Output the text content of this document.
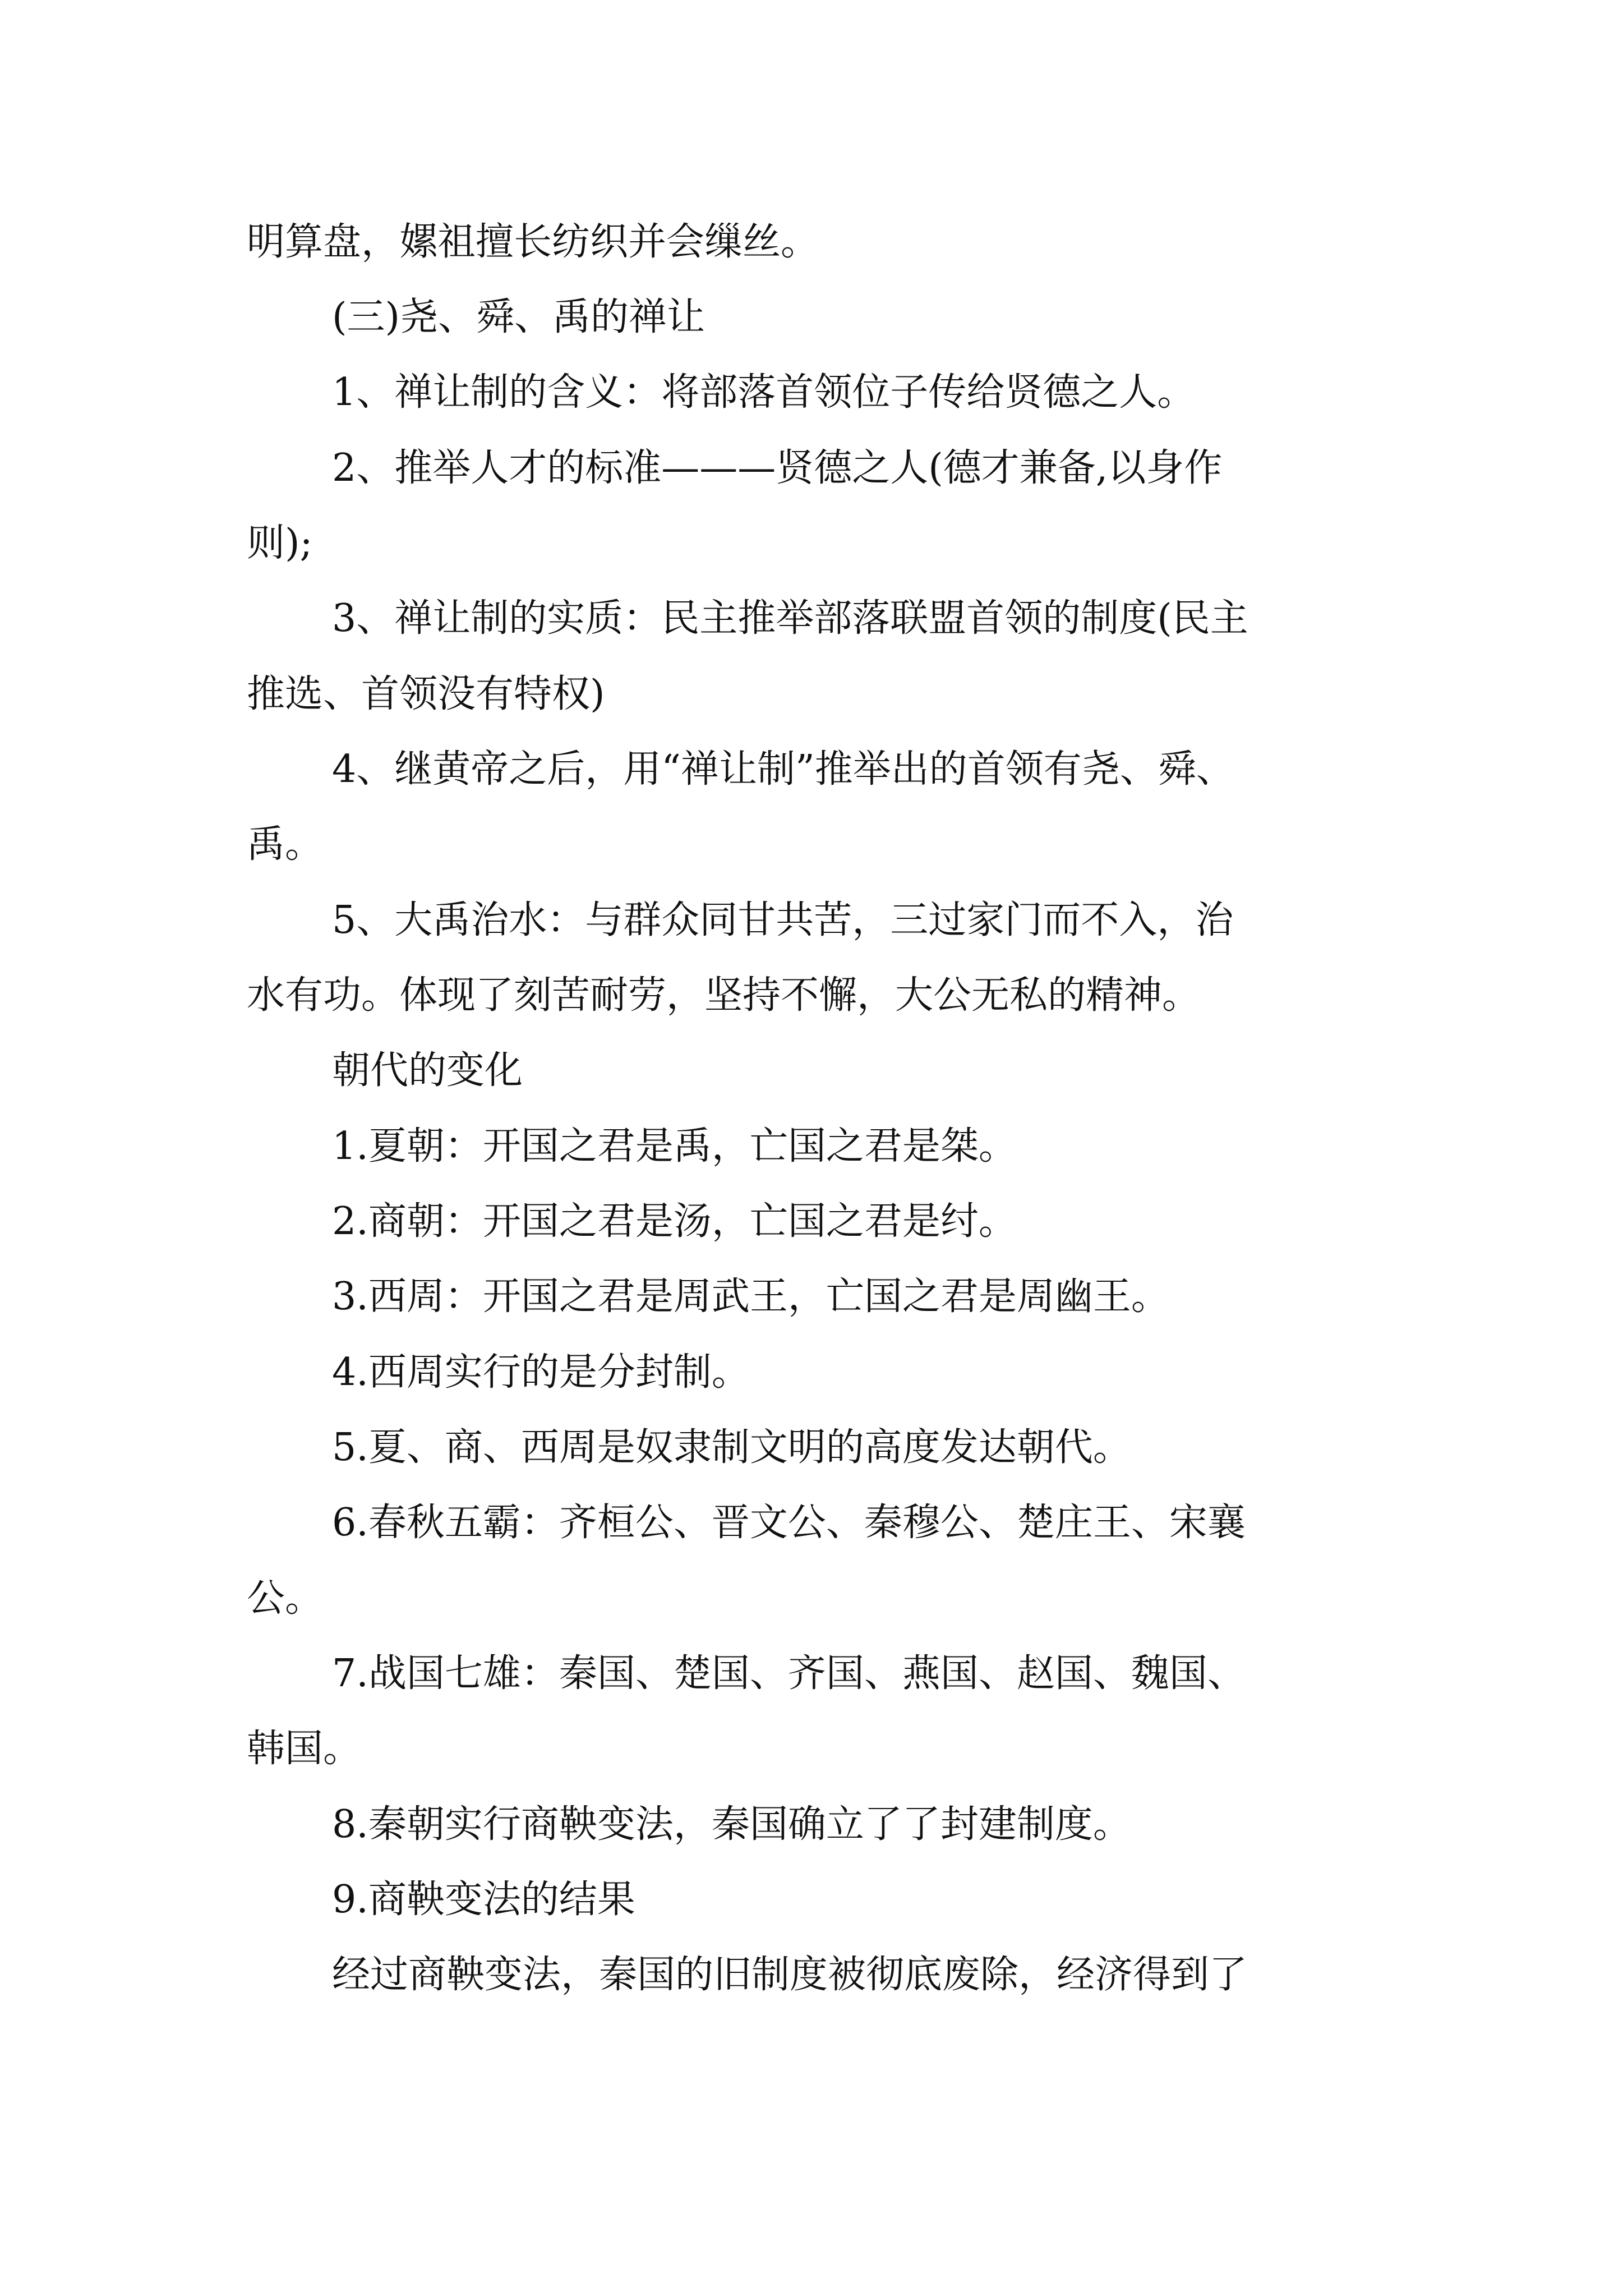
明算盘，嫘祖擅长纺织并会缫丝。
(三)尧、舜、禹的禅让
1、禅让制的含义：将部落首领位子传给贤德之人。
2、推举人才的标准———贤德之人(德才兼备,以身作
则);
3、禅让制的实质：民主推举部落联盟首领的制度(民主
推选、首领没有特权)
4、继黄帝之后，用“禅让制”推举出的首领有尧、舜、
禹。
5、大禹治水：与群众同甘共苦，三过家门而不入，治
水有功。体现了刻苦耐劳，坚持不懈，大公无私的精神。
朝代的变化
1.夏朝：开国之君是禹，亡国之君是桀。
2.商朝：开国之君是汤，亡国之君是纣。
3.西周：开国之君是周武王，亡国之君是周幽王。
4.西周实行的是分封制。
5.夏、商、西周是奴隶制文明的高度发达朝代。
6.春秋五霸：齐桓公、晋文公、秦穆公、楚庄王、宋襄
公。
7.战国七雄：秦国、楚国、齐国、燕国、赵国、魏国、
韩国。
8.秦朝实行商鞅变法，秦国确立了了封建制度。
9.商鞅变法的结果
经过商鞅变法，秦国的旧制度被彻底废除，经济得到了
